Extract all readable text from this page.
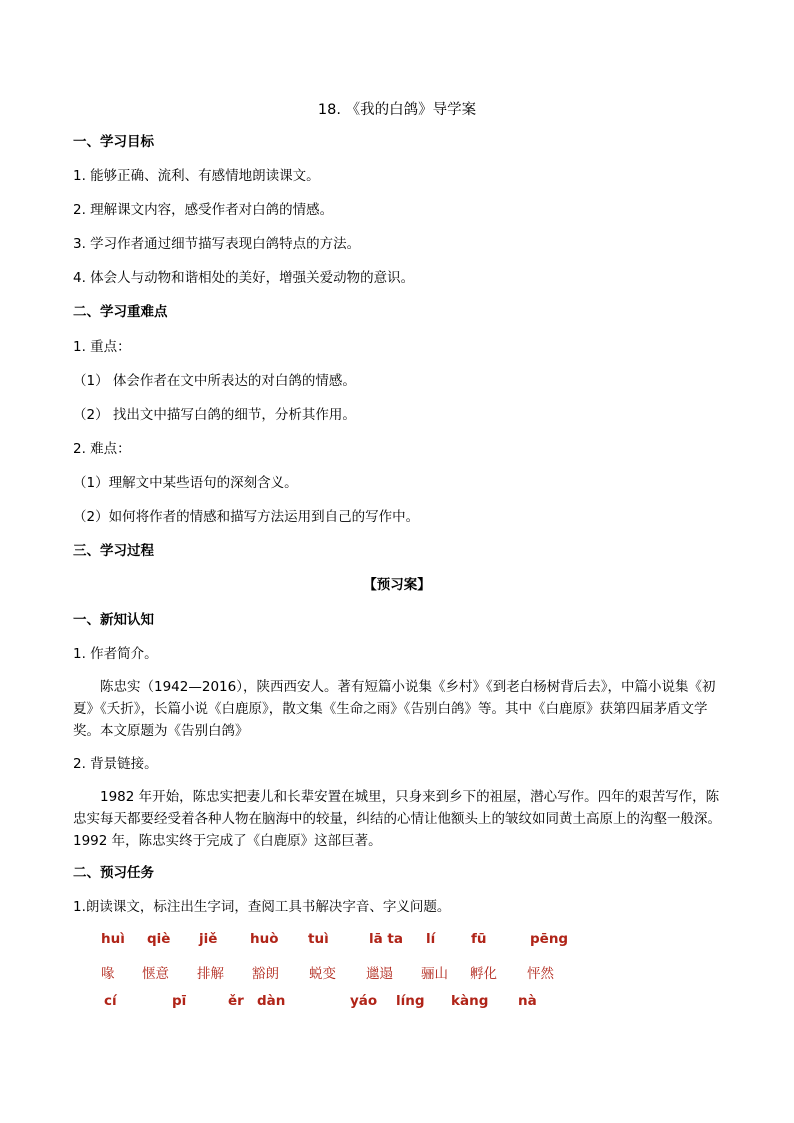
18. 《我的白鸽》导学案
一、学习目标
1. 能够正确、流利、有感情地朗读课文。
2. 理解课文内容，感受作者对白鸽的情感。
3. 学习作者通过细节描写表现白鸽特点的方法。
4. 体会人与动物和谐相处的美好，增强关爱动物的意识。
二、学习重难点
1. 重点：
（1） 体会作者在文中所表达的对白鸽的情感。
（2） 找出文中描写白鸽的细节，分析其作用。
2. 难点：
（1）理解文中某些语句的深刻含义。
（2）如何将作者的情感和描写方法运用到自己的写作中。
三、学习过程
【预习案】
一、新知认知
1. 作者简介。

陈忠实（1942—2016），陕西西安人。著有短篇小说集《乡村》《到老白杨树背后去》，中篇小说集《初夏》《夭折》，长篇小说《白鹿原》，散文集《生命之雨》《告别白鸽》等。其中《白鹿原》获第四届茅盾文学奖。本文原题为《告别白鸽》

2. 背景链接。

1982 年开始，陈忠实把妻儿和长辈安置在城里，只身来到乡下的祖屋，潜心写作。四年的艰苦写作，陈忠实每天都要经受着各种人物在脑海中的较量，纠结的心情让他额头上的皱纹如同黄土高原上的沟壑一般深。1992 年，陈忠实终于完成了《白鹿原》这部巨著。

二、预习任务
1.朗读课文，标注出生字词，查阅工具书解决字音、字义问题。
huì qiè jiě huò tuì	lā ta lí	fū	pēng
喙 惬意 排解 豁朗 蜕变 邋遢 骊山 孵化 怦然
cí	pī	ěr dàn	yáo líng kàng nà
